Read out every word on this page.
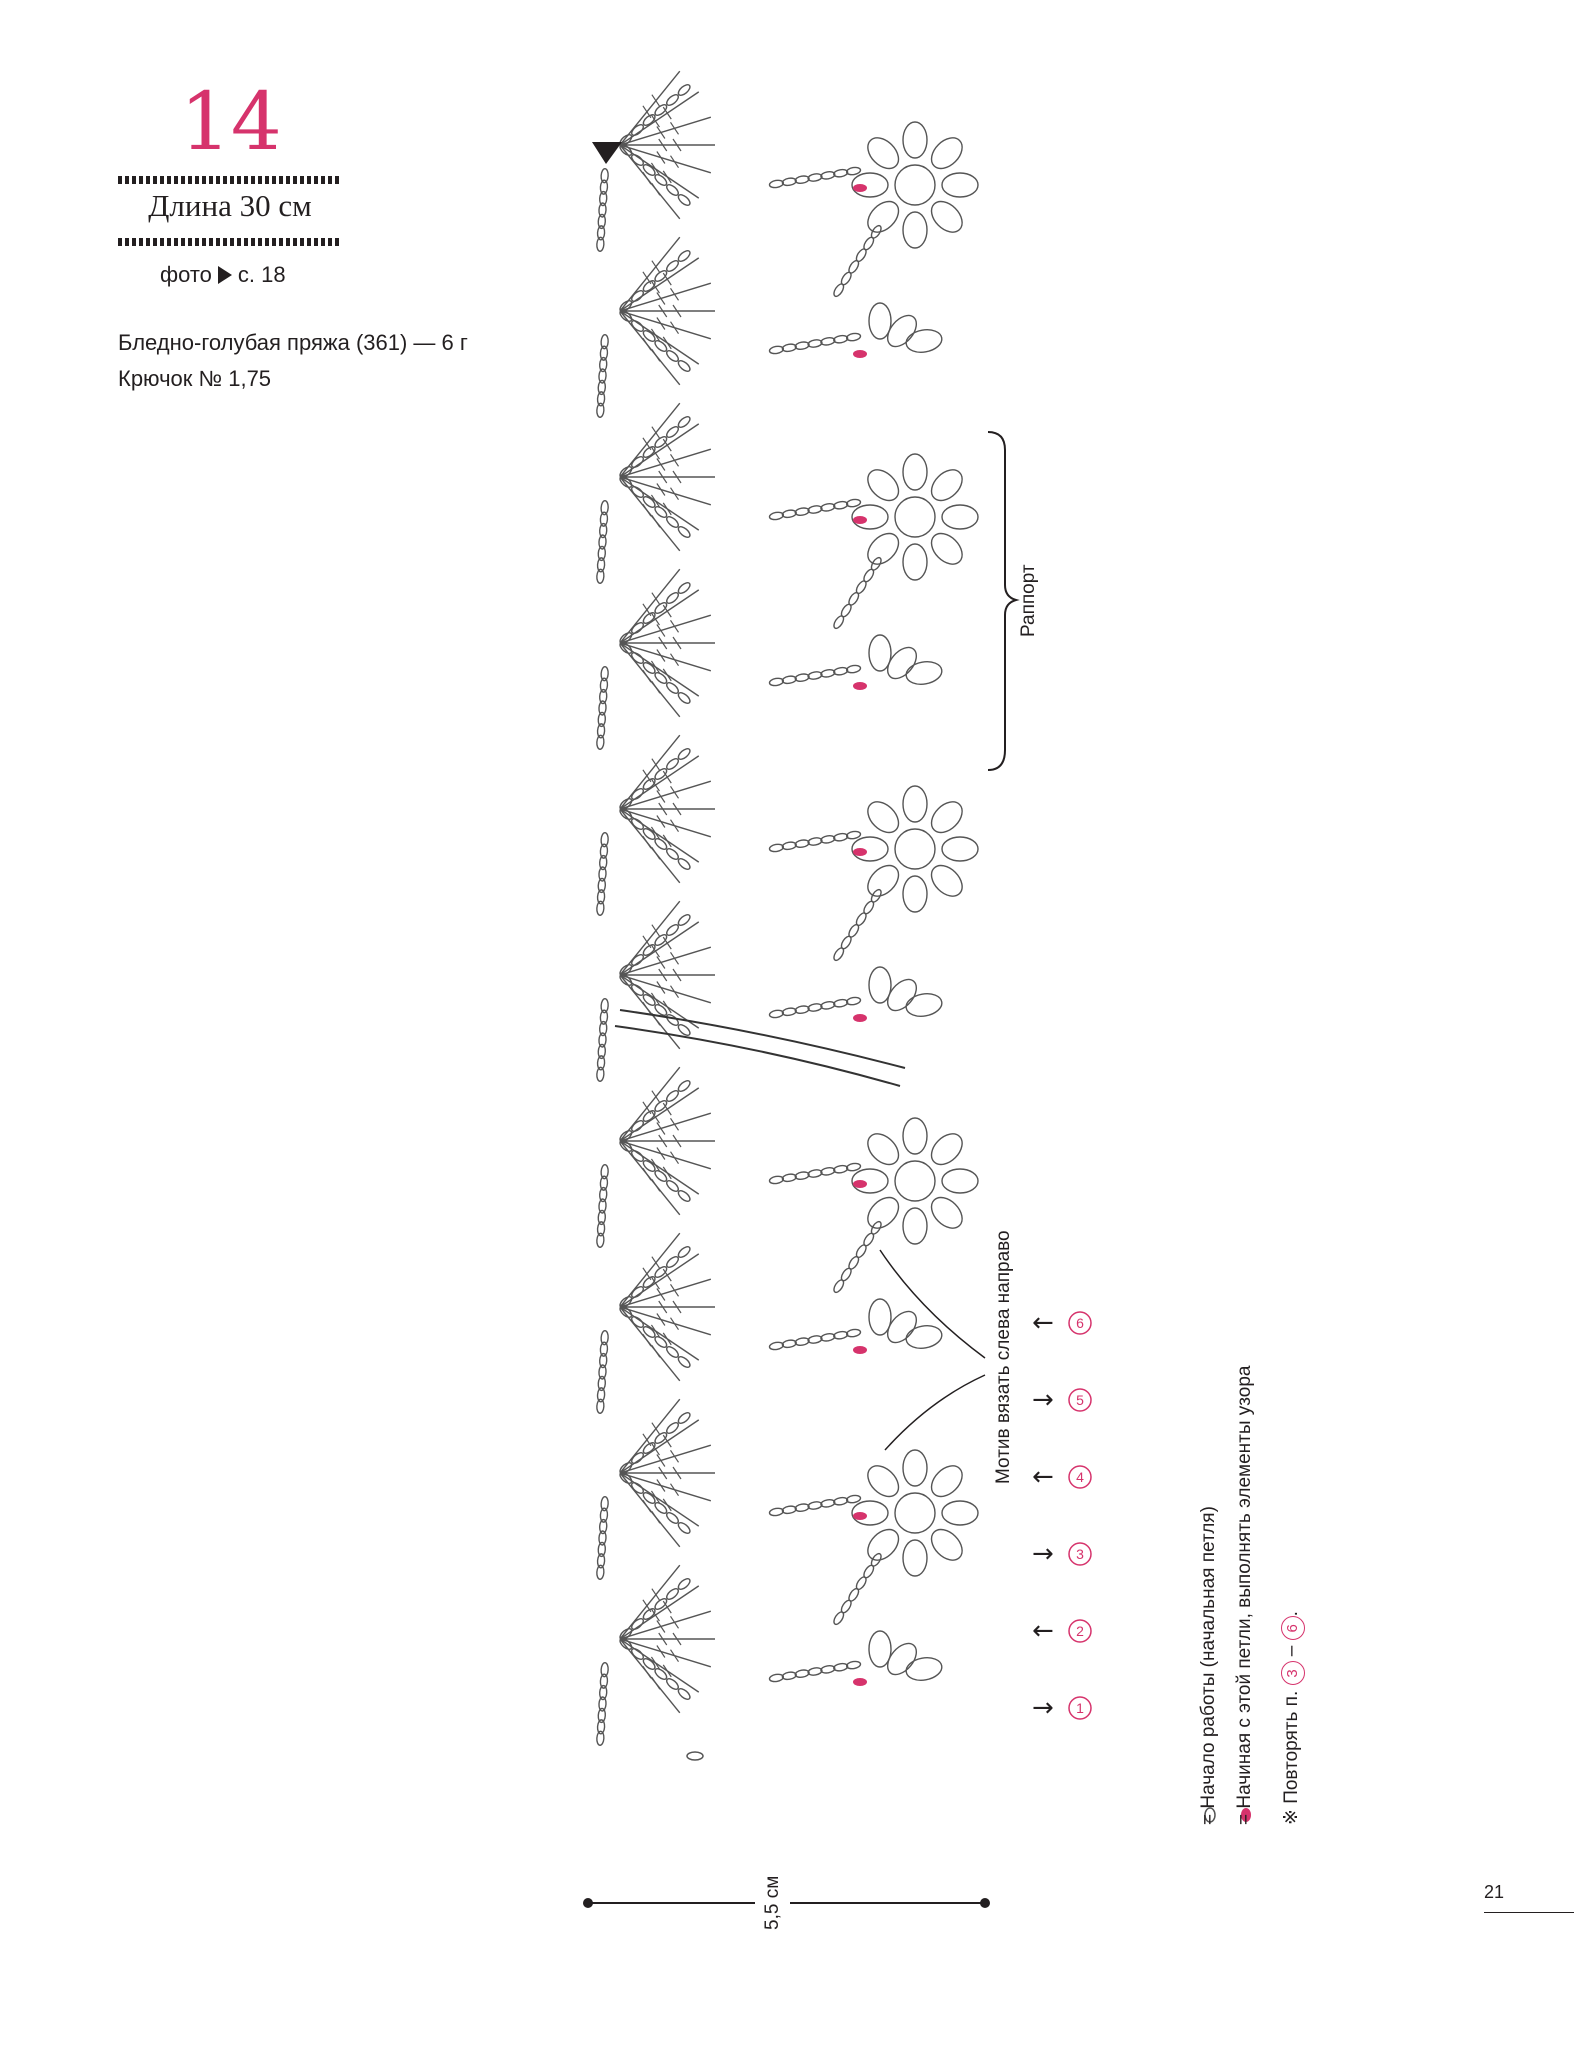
← 6
→ 5
← 4
→ 3
← 2
→ 1
14
Длина 30 см
фото с. 18
Бледно-голубая пряжа (361) — 6 г
Крючок № 1,75
Раппорт
Мотив вязать слева направо
5,5 см
= Начало работы (начальная петля) = Начиная с этой петли, выполнять элементы узора ※ Повторять п. 3 – 6.
21
